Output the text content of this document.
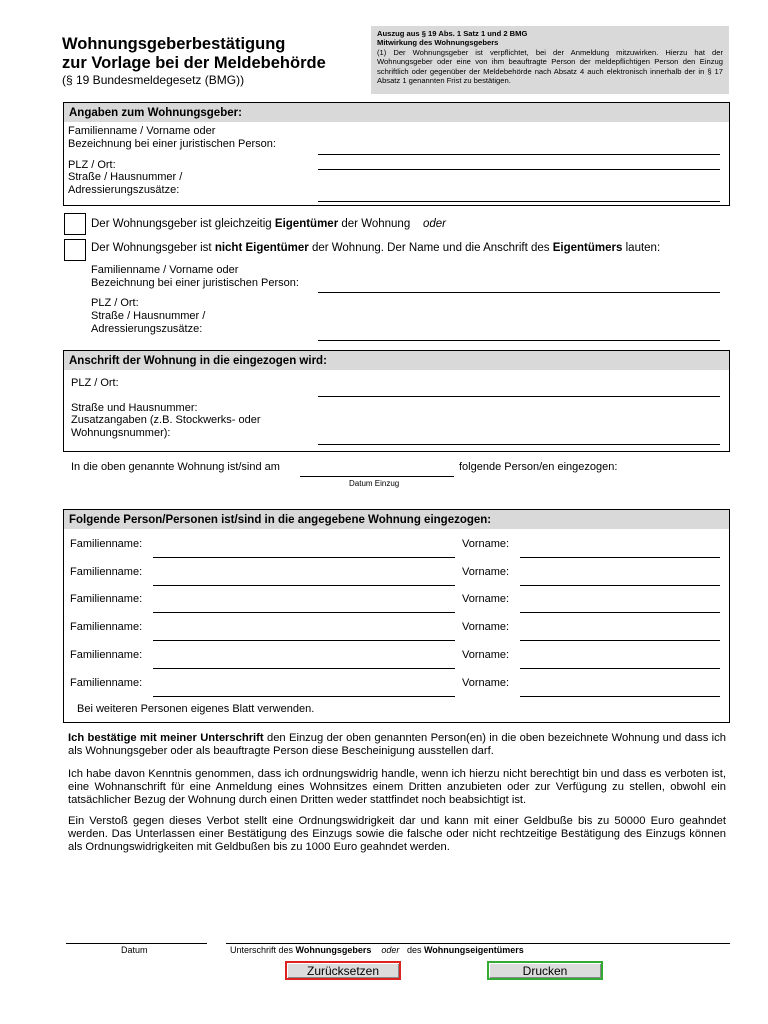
Wohnungsgeberbestätigung
zur Vorlage bei der Meldebehörde
(§ 19 Bundesmeldegesetz (BMG))
Auszug aus § 19 Abs. 1 Satz 1 und 2 BMG
Mitwirkung des Wohnungsgebers
(1) Der Wohnungsgeber ist verpflichtet, bei der Anmeldung mitzuwirken. Hierzu hat der Wohnungsgeber oder eine von ihm beauftragte Person der meldepflichtigen Person den Einzug schriftlich oder gegenüber der Meldebehörde nach Absatz 4 auch elektronisch innerhalb der in § 17 Absatz 1 genannten Frist zu bestätigen.
Angaben zum Wohnungsgeber:
Familienname / Vorname oder
Bezeichnung bei einer juristischen Person:
PLZ / Ort:
Straße / Hausnummer /
Adressierungszusätze:
Der Wohnungsgeber ist gleichzeitig Eigentümer der Wohnung oder
Der Wohnungsgeber ist nicht Eigentümer der Wohnung. Der Name und die Anschrift des Eigentümers lauten:
Familienname / Vorname oder
Bezeichnung bei einer juristischen Person:
PLZ / Ort:
Straße / Hausnummer /
Adressierungszusätze:
Anschrift der Wohnung in die eingezogen wird:
PLZ / Ort:
Straße und Hausnummer:
Zusatzangaben (z.B. Stockwerks- oder
Wohnungsnummer):
In die oben genannte Wohnung ist/sind am
Datum Einzug
folgende Person/en eingezogen:
Folgende Person/Personen ist/sind in die angegebene Wohnung eingezogen:
Familienname:	Vorname:
Familienname:	Vorname:
Familienname:	Vorname:
Familienname:	Vorname:
Familienname:	Vorname:
Familienname:	Vorname:
Bei weiteren Personen eigenes Blatt verwenden.
Ich bestätige mit meiner Unterschrift den Einzug der oben genannten Person(en) in die oben bezeichnete Wohnung und dass ich als Wohnungsgeber oder als beauftragte Person diese Bescheinigung ausstellen darf.
Ich habe davon Kenntnis genommen, dass ich ordnungswidrig handle, wenn ich hierzu nicht berechtigt bin und dass es verboten ist, eine Wohnanschrift für eine Anmeldung eines Wohnsitzes einem Dritten anzubieten oder zur Verfügung zu stellen, obwohl ein tatsächlicher Bezug der Wohnung durch einen Dritten weder stattfindet noch beabsichtigt ist.
Ein Verstoß gegen dieses Verbot stellt eine Ordnungswidrigkeit dar und kann mit einer Geldbuße bis zu 50000 Euro geahndet werden. Das Unterlassen einer Bestätigung des Einzugs sowie die falsche oder nicht rechtzeitige Bestätigung des Einzugs können als Ordnungswidrigkeiten mit Geldbußen bis zu 1000 Euro geahndet werden.
Datum	Unterschrift des Wohnungsgebers oder des Wohnungseigentümers
Zurücksetzen	Drucken
